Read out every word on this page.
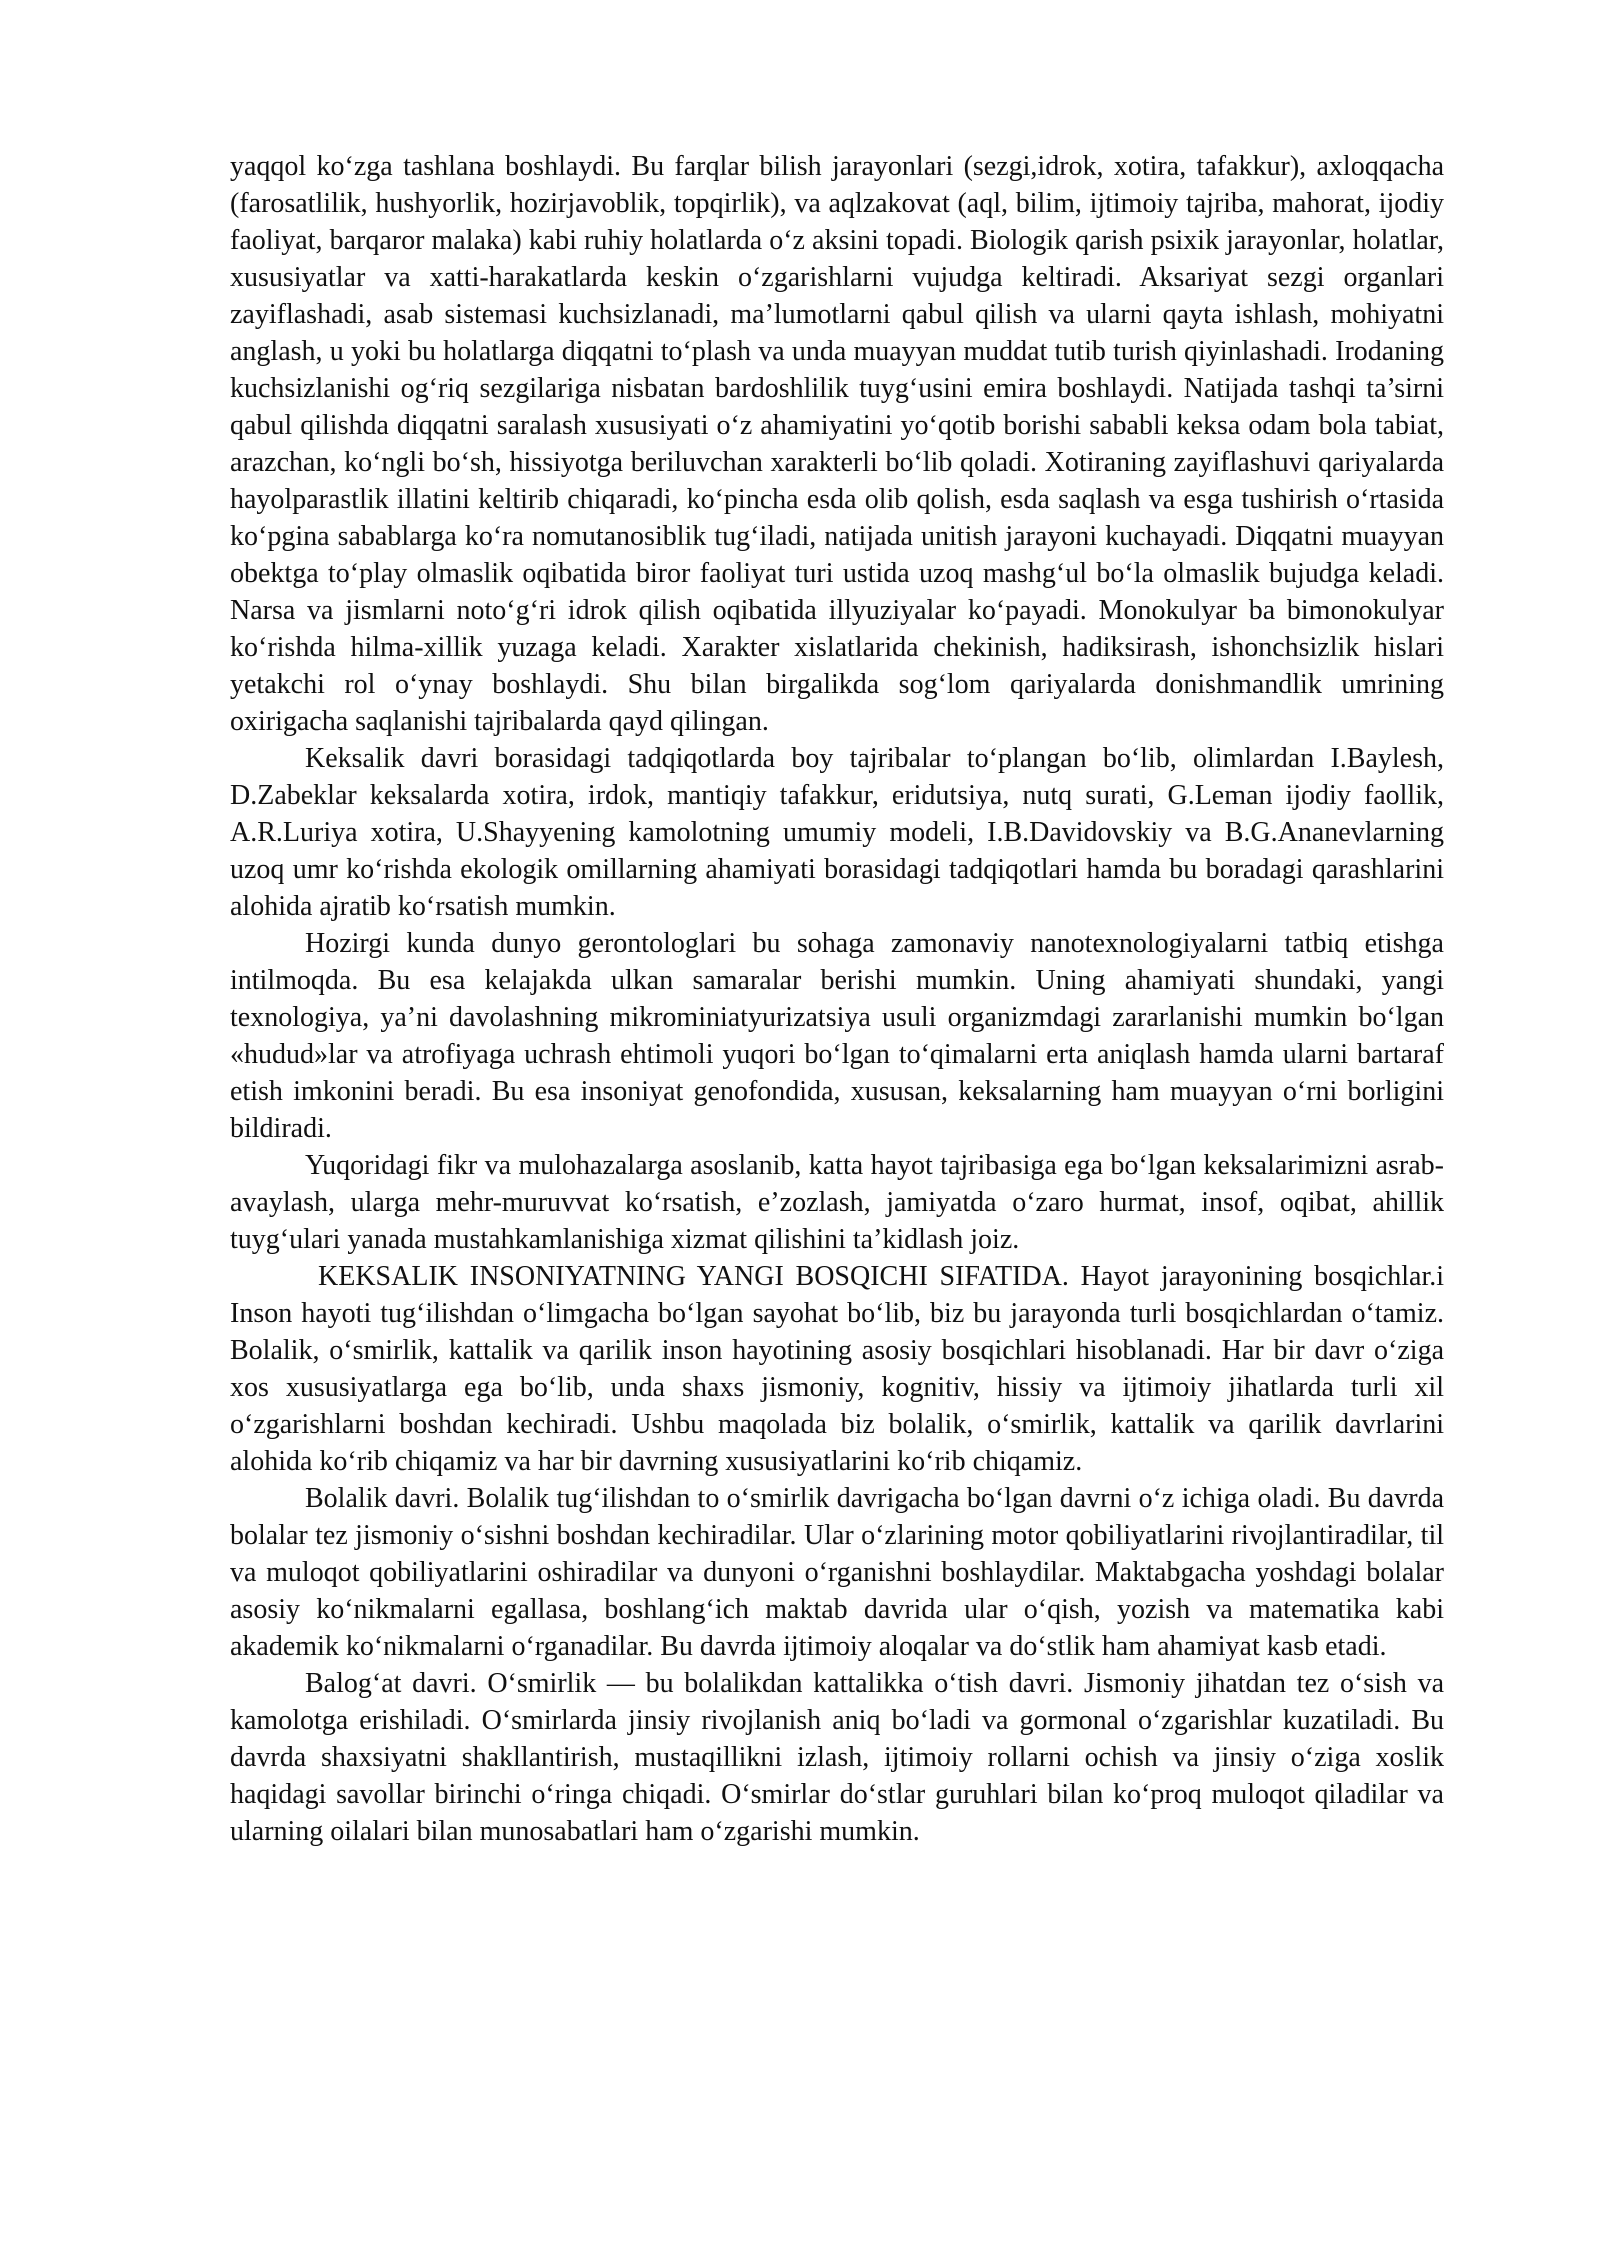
yaqqol ko‘zga tashlana boshlaydi. Bu farqlar bilish jarayonlari (sezgi,idrok, xotira, tafakkur), axloqqacha (farosatlilik, hushyorlik, hozirjavoblik, topqirlik), va aqlzakovat (aql, bilim, ijtimoiy tajriba, mahorat, ijodiy faoliyat, barqaror malaka) kabi ruhiy holatlarda o‘z aksini topadi. Biologik qarish psixik jarayonlar, holatlar, xususiyatlar va xatti-harakatlarda keskin o‘zgarishlarni vujudga keltiradi. Aksariyat sezgi organlari zayiflashadi, asab sistemasi kuchsizlanadi, ma’lumotlarni qabul qilish va ularni qayta ishlash, mohiyatni anglash, u yoki bu holatlarga diqqatni to‘plash va unda muayyan muddat tutib turish qiyinlashadi. Irodaning kuchsizlanishi og‘riq sezgilariga nisbatan bardoshlilik tuyg‘usini emira boshlaydi. Natijada tashqi ta’sirni qabul qilishda diqqatni saralash xususiyati o‘z ahamiyatini yo‘qotib borishi sababli keksa odam bola tabiat, arazchan, ko‘ngli bo‘sh, hissiyotga beriluvchan xarakterli bo‘lib qoladi. Xotiraning zayiflashuvi qariyalarda hayolparastlik illatini keltirib chiqaradi, ko‘pincha esda olib qolish, esda saqlash va esga tushirish o‘rtasida ko‘pgina sabablarga ko‘ra nomutanosiblik tug‘iladi, natijada unitish jarayoni kuchayadi. Diqqatni muayyan obektga to‘play olmaslik oqibatida biror faoliyat turi ustida uzoq mashg‘ul bo‘la olmaslik bujudga keladi. Narsa va jismlarni noto‘g‘ri idrok qilish oqibatida illyuziyalar ko‘payadi. Monokulyar ba bimonokulyar ko‘rishda hilma-xillik yuzaga keladi. Xarakter xislatlarida chekinish, hadiksirash, ishonchsizlik hislari yetakchi rol o‘ynay boshlaydi. Shu bilan birgalikda sog‘lom qariyalarda donishmandlik umrining oxirigacha saqlanishi tajribalarda qayd qilingan.

Keksalik davri borasidagi tadqiqotlarda boy tajribalar to‘plangan bo‘lib, olimlardan I.Baylesh, D.Zabeklar keksalarda xotira, irdok, mantiqiy tafakkur, eridutsiya, nutq surati, G.Leman ijodiy faollik, A.R.Luriya xotira, U.Shayyening kamolotning umumiy modeli, I.B.Davidovskiy va B.G.Ananevlarning uzoq umr ko‘rishda ekologik omillarning ahamiyati borasidagi tadqiqotlari hamda bu boradagi qarashlarini alohida ajratib ko‘rsatish mumkin.

Hozirgi kunda dunyo gerontologlari bu sohaga zamonaviy nanotexnologiyalarni tatbiq etishga intilmoqda. Bu esa kelajakda ulkan samaralar berishi mumkin. Uning ahamiyati shundaki, yangi texnologiya, ya’ni davolashning mikrominiatyurizatsiya usuli organizmdagi zararlanishi mumkin bo‘lgan «hudud»lar va atrofiyaga uchrash ehtimoli yuqori bo‘lgan to‘qimalarni erta aniqlash hamda ularni bartaraf etish imkonini beradi. Bu esa insoniyat genofondida, xususan, keksalarning ham muayyan o‘rni borligini bildiradi.

Yuqoridagi fikr va mulohazalarga asoslanib, katta hayot tajribasiga ega bo‘lgan keksalarimizni asrab-avaylash, ularga mehr-muruvvat ko‘rsatish, e’zozlash, jamiyatda o‘zaro hurmat, insof, oqibat, ahillik tuyg‘ulari yanada mustahkamlanishiga xizmat qilishini ta’kidlash joiz.

KEKSALIK INSONIYATNING YANGI BOSQICHI SIFATIDA. Hayot jarayonining bosqichlar.i Inson hayoti tug‘ilishdan o‘limgacha bo‘lgan sayohat bo‘lib, biz bu jarayonda turli bosqichlardan o‘tamiz. Bolalik, o‘smirlik, kattalik va qarilik inson hayotining asosiy bosqichlari hisoblanadi. Har bir davr o‘ziga xos xususiyatlarga ega bo‘lib, unda shaxs jismoniy, kognitiv, hissiy va ijtimoiy jihatlarda turli xil o‘zgarishlarni boshdan kechiradi. Ushbu maqolada biz bolalik, o‘smirlik, kattalik va qarilik davrlarini alohida ko‘rib chiqamiz va har bir davrning xususiyatlarini ko‘rib chiqamiz.

Bolalik davri. Bolalik tug‘ilishdan to o‘smirlik davrigacha bo‘lgan davrni o‘z ichiga oladi. Bu davrda bolalar tez jismoniy o‘sishni boshdan kechiradilar. Ular o‘zlarining motor qobiliyatlarini rivojlantiradilar, til va muloqot qobiliyatlarini oshiradilar va dunyoni o‘rganishni boshlaydilar. Maktabgacha yoshdagi bolalar asosiy ko‘nikmalarni egallasa, boshlang‘ich maktab davrida ular o‘qish, yozish va matematika kabi akademik ko‘nikmalarni o‘rganadilar. Bu davrda ijtimoiy aloqalar va do‘stlik ham ahamiyat kasb etadi.

Balog‘at davri. O‘smirlik — bu bolalikdan kattalikka o‘tish davri. Jismoniy jihatdan tez o‘sish va kamolotga erishiladi. O‘smirlarda jinsiy rivojlanish aniq bo‘ladi va gormonal o‘zgarishlar kuzatiladi. Bu davrda shaxsiyatni shakllantirish, mustaqillikni izlash, ijtimoiy rollarni ochish va jinsiy o‘ziga xoslik haqidagi savollar birinchi o‘ringa chiqadi. O‘smirlar do‘stlar guruhlari bilan ko‘proq muloqot qiladilar va ularning oilalari bilan munosabatlari ham o‘zgarishi mumkin.
